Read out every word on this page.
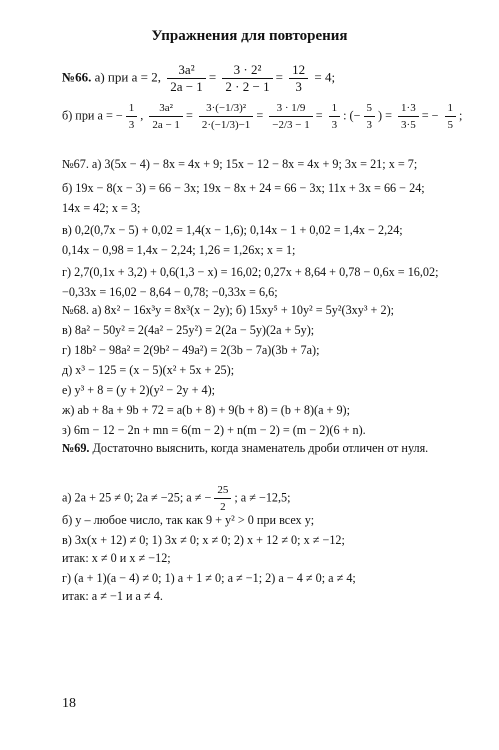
Упражнения для повторения
№66. а) при a = 2, $\frac{\text{3a²}}{2a - 1} = \frac{\text{3 · 2²}}{2 \cdot 2 - 1} = \frac{12}{3} = 4$;
б) при a = − $\frac{1}{3}$ , $\frac{\text{3a²}}{2a - 1} = \frac{\text{3·(−1/3)²}}{2\cdot(-1/3)-1} = \frac{3 \cdot 1/9}{-2/3 - 1} = \frac{1}{3}$ : (− $\frac{5}{3}$ ) = $\frac{1\cdot 3}{3\cdot 5}$ = − $\frac{1}{5}$ ;
№67. а) 3(5x − 4) − 8x = 4x + 9; 15x − 12 − 8x = 4x + 9; 3x = 21; x = 7;
б) 19x − 8(x − 3) = 66 − 3x; 19x − 8x + 24 = 66 − 3x; 11x + 3x = 66 − 24;
14x = 42; x = 3;
в) 0,2(0,7x − 5) + 0,02 = 1,4(x − 1,6); 0,14x − 1 + 0,02 = 1,4x − 2,24;
0,14x − 0,98 = 1,4x − 2,24; 1,26 = 1,26x; x = 1;
г) 2,7(0,1x + 3,2) + 0,6(1,3 − x) = 16,02; 0,27x + 8,64 + 0,78 − 0,6x = 16,02;
−0,33x = 16,02 − 8,64 − 0,78; −0,33x = 6,6;
№68. а) 8x² − 16x³y = 8x³(x − 2y); б) 15xy⁵ + 10y² = 5y²(3xy³ + 2);
в) 8a² − 50y² = 2(4a² − 25y²) = 2(2a − 5y)(2a + 5y);
г) 18b² − 98a² = 2(9b² − 49a²) = 2(3b − 7a)(3b + 7a);
д) x³ − 125 = (x − 5)(x² + 5x + 25);
е) y³ + 8 = (y + 2)(y² − 2y + 4);
ж) ab + 8a + 9b + 72 = a(b + 8) + 9(b + 8) = (b + 8)(a + 9);
з) 6m − 12 − 2n + mn = 6(m − 2) + n(m − 2) = (m − 2)(6 + n).
№69. Достаточно выяснить, когда знаменатель дроби отличен от нуля.
а) 2a + 25 ≠ 0; 2a ≠ −25; a ≠ − $\frac{25}{2}$ ; a ≠ −12,5;
б) y – любое число, так как 9 + y² > 0 при всех y;
в) 3x(x + 12) ≠ 0; 1) 3x ≠ 0; x ≠ 0; 2) x + 12 ≠ 0; x ≠ −12;
итак: x ≠ 0 и x ≠ −12;
г) (a + 1)(a − 4) ≠ 0; 1) a + 1 ≠ 0; a ≠ −1; 2) a − 4 ≠ 0; a ≠ 4;
итак: a ≠ −1 и a ≠ 4.
18
